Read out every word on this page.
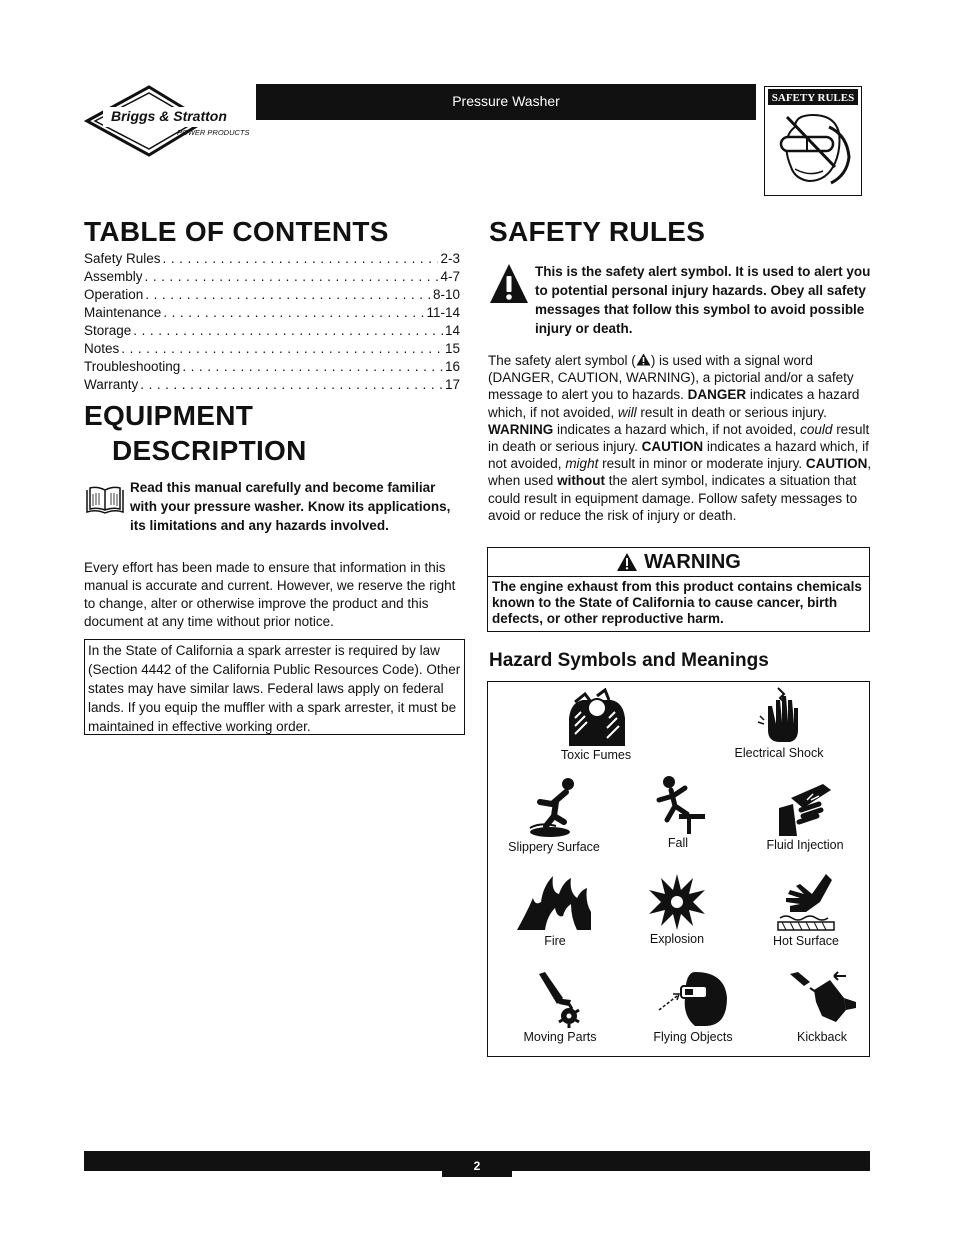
Briggs & Stratton
POWER PRODUCTS
Pressure Washer	SAFETY RULES
TABLE OF CONTENTS
Safety Rules . . .	2-3
Assembly . . .	4-7
Operation . . .	8-10
Maintenance . . .	11-14
Storage . . .	14
Notes . . .	15
Troubleshooting . . .	16
Warranty . . .	17
EQUIPMENT
DESCRIPTION
Read this manual carefully and become familiar with your pressure washer. Know its applications, its limitations and any hazards involved.
Every effort has been made to ensure that information in this manual is accurate and current. However, we reserve the right to change, alter or otherwise improve the product and this document at any time without prior notice.
In the State of California a spark arrester is required by law (Section 4442 of the California Public Resources Code). Other states may have similar laws. Federal laws apply on federal lands. If you equip the muffler with a spark arrester, it must be maintained in effective working order.
SAFETY RULES
This is the safety alert symbol. It is used to alert you to potential personal injury hazards. Obey all safety messages that follow this symbol to avoid possible injury or death.
The safety alert symbol ( ) is used with a signal word (DANGER, CAUTION, WARNING), a pictorial and/or a safety message to alert you to hazards. DANGER indicates a hazard which, if not avoided, will result in death or serious injury. WARNING indicates a hazard which, if not avoided, could result in death or serious injury. CAUTION indicates a hazard which, if not avoided, might result in minor or moderate injury. CAUTION, when used without the alert symbol, indicates a situation that could result in equipment damage. Follow safety messages to avoid or reduce the risk of injury or death.
WARNING
The engine exhaust from this product contains chemicals known to the State of California to cause cancer, birth defects, or other reproductive harm.
Hazard Symbols and Meanings
Toxic Fumes	Electrical Shock
Slippery Surface	Fall	Fluid Injection
Fire	Explosion	Hot Surface
Moving Parts	Flying Objects	Kickback
2
